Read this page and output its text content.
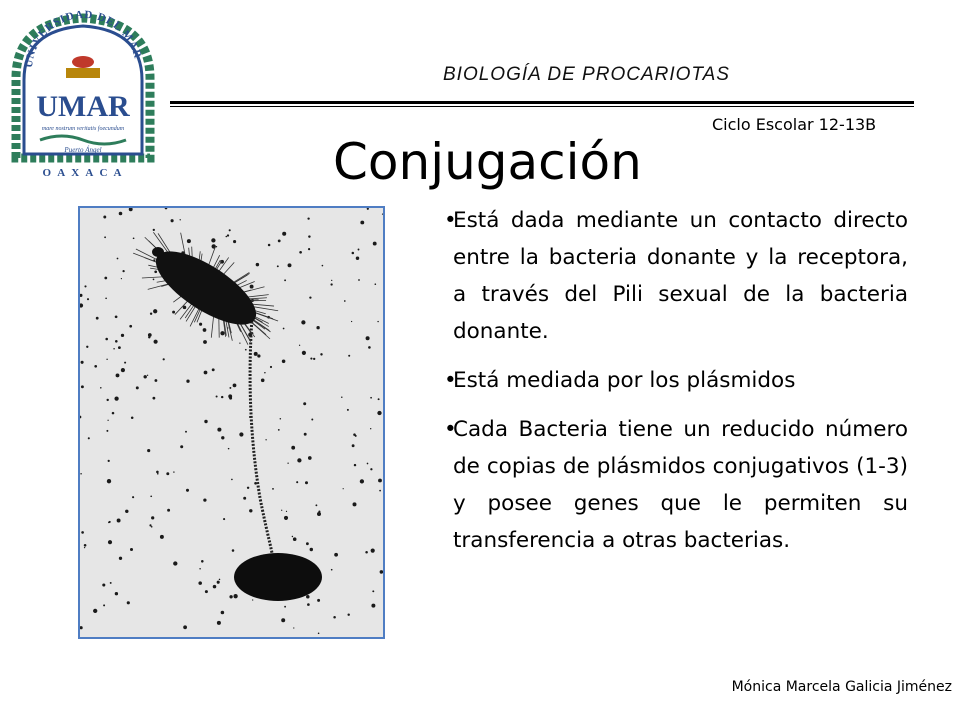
UNIVERSIDAD DEL MAR
UMAR
mare nostrum veritatis foecundum
Puerto Ángel
O A X A C A
BIOLOGÍA DE PROCARIOTAS
Ciclo Escolar 12-13B
Conjugación
•
Está dada mediante un contacto directo entre la bacteria donante y la receptora, a través del Pili sexual de la bacteria donante.
•
Está mediada por los plásmidos
•
Cada Bacteria tiene un reducido número de copias de plásmidos conjugativos (1-3) y posee genes que le permiten su transferencia a otras bacterias.
Mónica Marcela Galicia Jiménez
